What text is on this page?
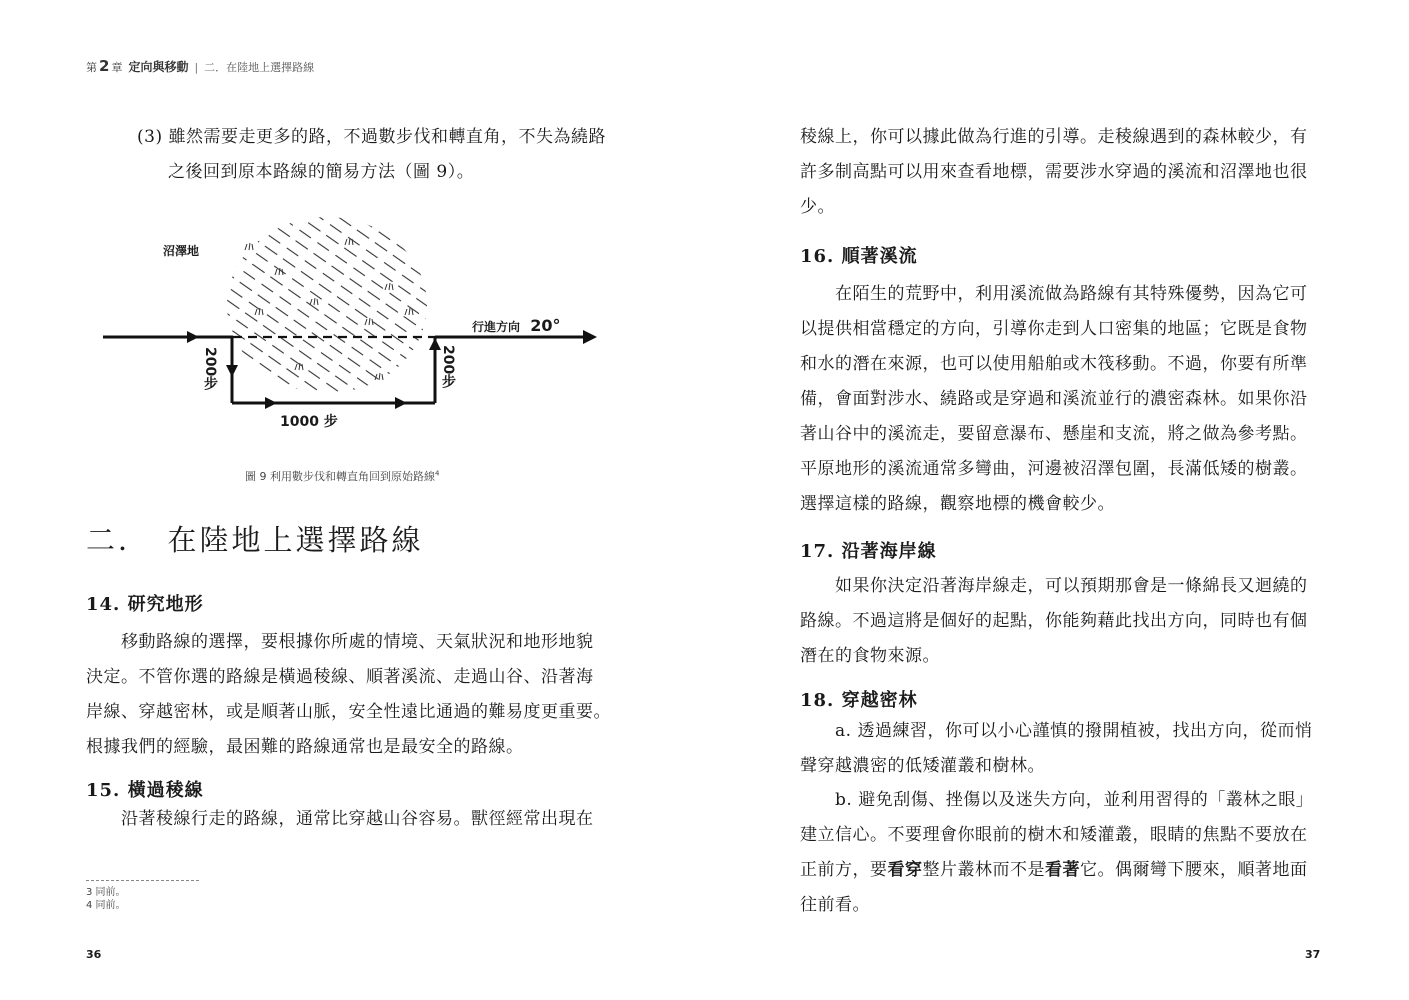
第 2 章 定向與移動 | 二．在陸地上選擇路線

(3) 雖然需要走更多的路，不過數步伐和轉直角，不失為繞路

之後回到原本路線的簡易方法（圖 9）。

沼澤地
行進方向 20°
200步	200步
1000 步
圖 9 利用數步伐和轉直角回到原始路線$^4$
二．　在陸地上選擇路線
14. 研究地形

　　移動路線的選擇，要根據你所處的情境、天氣狀況和地形地貌

決定。不管你選的路線是橫過稜線、順著溪流、走過山谷、沿著海

岸線、穿越密林，或是順著山脈，安全性遠比通過的難易度更重要。

根據我們的經驗，最困難的路線通常也是最安全的路線。

15. 橫過稜線
　　沿著稜線行走的路線，通常比穿越山谷容易。獸徑經常出現在
3 同前。
4 同前。
36

稜線上，你可以據此做為行進的引導。走稜線遇到的森林較少，有

許多制高點可以用來查看地標，需要涉水穿過的溪流和沼澤地也很

少。

16. 順著溪流

　　在陌生的荒野中，利用溪流做為路線有其特殊優勢，因為它可

以提供相當穩定的方向，引導你走到人口密集的地區；它既是食物

和水的潛在來源，也可以使用船舶或木筏移動。不過，你要有所準

備，會面對涉水、繞路或是穿過和溪流並行的濃密森林。如果你沿

著山谷中的溪流走，要留意瀑布、懸崖和支流，將之做為參考點。

平原地形的溪流通常多彎曲，河邊被沼澤包圍，長滿低矮的樹叢。

選擇這樣的路線，觀察地標的機會較少。

17. 沿著海岸線

　　如果你決定沿著海岸線走，可以預期那會是一條綿長又迴繞的

路線。不過這將是個好的起點，你能夠藉此找出方向，同時也有個

潛在的食物來源。

18. 穿越密林

　　a. 透過練習，你可以小心謹慎的撥開植被，找出方向，從而悄

聲穿越濃密的低矮灌叢和樹林。

　　b. 避免刮傷、挫傷以及迷失方向，並利用習得的「叢林之眼」

建立信心。不要理會你眼前的樹木和矮灌叢，眼睛的焦點不要放在

正前方，要看穿整片叢林而不是看著它。偶爾彎下腰來，順著地面

往前看。

37
